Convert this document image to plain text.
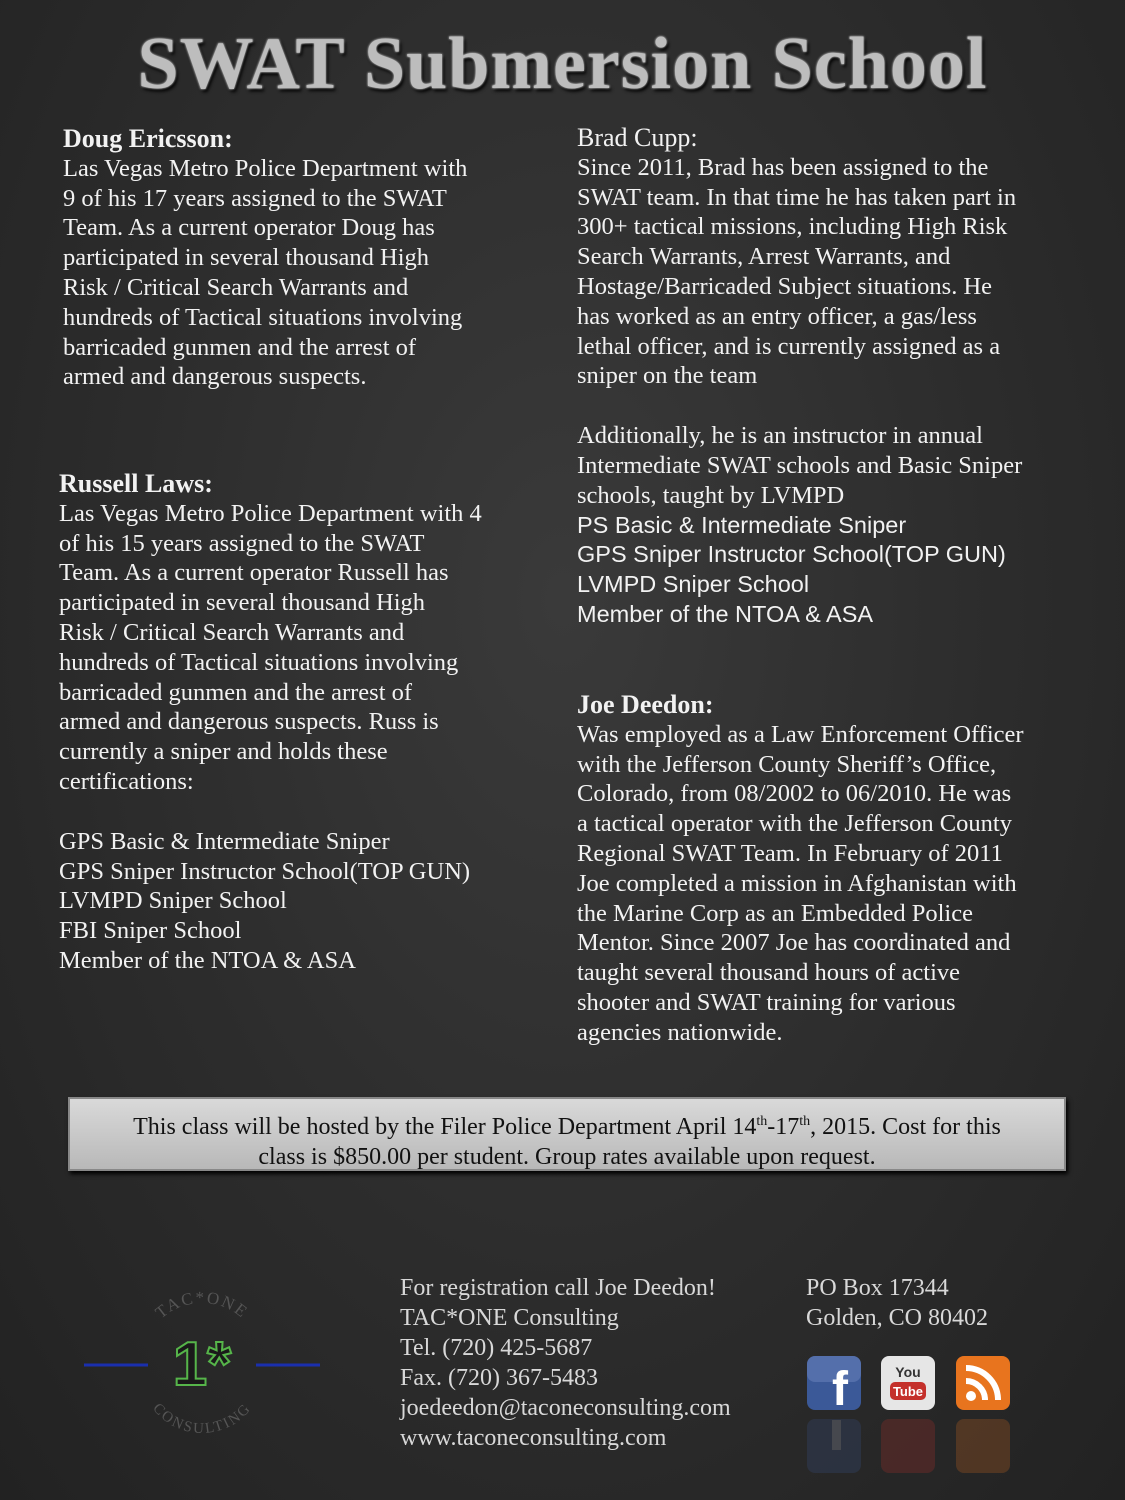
SWAT Submersion School

Doug Ericsson:

Las Vegas Metro Police Department with

9 of his 17 years assigned to the SWAT

Team. As a current operator Doug has

participated in several thousand High

Risk / Critical Search Warrants and

hundreds of Tactical situations involving

barricaded gunmen and the arrest of

armed and dangerous suspects.

Russell Laws:

Las Vegas Metro Police Department with 4

of his 15 years assigned to the SWAT

Team. As a current operator Russell has

participated in several thousand High

Risk / Critical Search Warrants and

hundreds of Tactical situations involving

barricaded gunmen and the arrest of

armed and dangerous suspects. Russ is

currently a sniper and holds these

certifications:

GPS Basic & Intermediate Sniper

GPS Sniper Instructor School(TOP GUN)

LVMPD Sniper School

FBI Sniper School

Member of the NTOA & ASA

Brad Cupp:

Since 2011, Brad has been assigned to the

SWAT team. In that time he has taken part in

300+ tactical missions, including High Risk

Search Warrants, Arrest Warrants, and

Hostage/Barricaded Subject situations. He

has worked as an entry officer, a gas/less

lethal officer, and is currently assigned as a

sniper on the team

Additionally, he is an instructor in annual

Intermediate SWAT schools and Basic Sniper

schools, taught by LVMPD

PS Basic & Intermediate Sniper

GPS Sniper Instructor School(TOP GUN)

LVMPD Sniper School

Member of the NTOA & ASA

Joe Deedon:

Was employed as a Law Enforcement Officer

with the Jefferson County Sheriff’s Office,

Colorado, from 08/2002 to 06/2010. He was

a tactical operator with the Jefferson County

Regional SWAT Team. In February of 2011

Joe completed a mission in Afghanistan with

the Marine Corp as an Embedded Police

Mentor. Since 2007 Joe has coordinated and

taught several thousand hours of active

shooter and SWAT training for various

agencies nationwide.

This class will be hosted by the Filer Police Department April 14th-17th, 2015. Cost for this
class is $850.00 per student. Group rates available upon request.
TAC*ONE
CONSULTING
1*
For registration call Joe Deedon!
TAC*ONE Consulting
Tel. (720) 425-5687
Fax. (720) 367-5483
joedeedon@taconeconsulting.com
www.taconeconsulting.com
PO Box 17344
Golden, CO 80402
f	You
Tube
